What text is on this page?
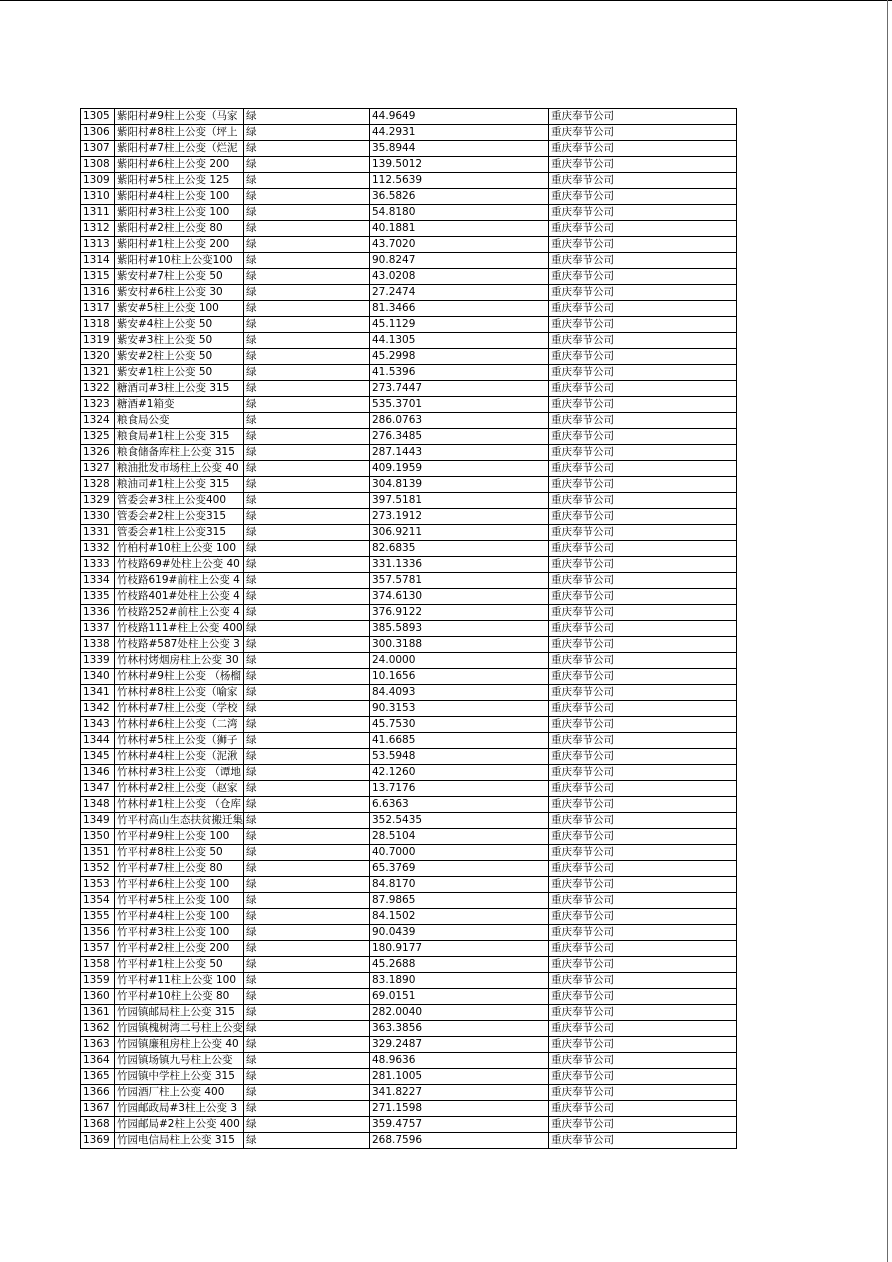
1305	紫阳村#9柱上公变（马家	绿	44.9649	重庆奉节公司
1306	紫阳村#8柱上公变（坪上	绿	44.2931	重庆奉节公司
1307	紫阳村#7柱上公变（烂泥	绿	35.8944	重庆奉节公司
1308	紫阳村#6柱上公变 200	绿	139.5012	重庆奉节公司
1309	紫阳村#5柱上公变 125	绿	112.5639	重庆奉节公司
1310	紫阳村#4柱上公变 100	绿	36.5826	重庆奉节公司
1311	紫阳村#3柱上公变 100	绿	54.8180	重庆奉节公司
1312	紫阳村#2柱上公变 80	绿	40.1881	重庆奉节公司
1313	紫阳村#1柱上公变 200	绿	43.7020	重庆奉节公司
1314	紫阳村#10柱上公变100	绿	90.8247	重庆奉节公司
1315	紫安村#7柱上公变 50	绿	43.0208	重庆奉节公司
1316	紫安村#6柱上公变 30	绿	27.2474	重庆奉节公司
1317	紫安#5柱上公变 100	绿	81.3466	重庆奉节公司
1318	紫安#4柱上公变 50	绿	45.1129	重庆奉节公司
1319	紫安#3柱上公变 50	绿	44.1305	重庆奉节公司
1320	紫安#2柱上公变 50	绿	45.2998	重庆奉节公司
1321	紫安#1柱上公变 50	绿	41.5396	重庆奉节公司
1322	糖酒司#3柱上公变 315	绿	273.7447	重庆奉节公司
1323	糖酒#1箱变	绿	535.3701	重庆奉节公司
1324	粮食局公变	绿	286.0763	重庆奉节公司
1325	粮食局#1柱上公变 315	绿	276.3485	重庆奉节公司
1326	粮食储备库柱上公变 315	绿	287.1443	重庆奉节公司
1327	粮油批发市场柱上公变 40	绿	409.1959	重庆奉节公司
1328	粮油司#1柱上公变 315	绿	304.8139	重庆奉节公司
1329	管委会#3柱上公变400	绿	397.5181	重庆奉节公司
1330	管委会#2柱上公变315	绿	273.1912	重庆奉节公司
1331	管委会#1柱上公变315	绿	306.9211	重庆奉节公司
1332	竹柏村#10柱上公变 100	绿	82.6835	重庆奉节公司
1333	竹枝路69#处柱上公变 40	绿	331.1336	重庆奉节公司
1334	竹枝路619#前柱上公变 4	绿	357.5781	重庆奉节公司
1335	竹枝路401#处柱上公变 4	绿	374.6130	重庆奉节公司
1336	竹枝路252#前柱上公变 4	绿	376.9122	重庆奉节公司
1337	竹枝路111#柱上公变 400	绿	385.5893	重庆奉节公司
1338	竹枝路#587处柱上公变 3	绿	300.3188	重庆奉节公司
1339	竹林村烤烟房柱上公变 30	绿	24.0000	重庆奉节公司
1340	竹林村#9柱上公变 （杨榴	绿	10.1656	重庆奉节公司
1341	竹林村#8柱上公变（喻家	绿	84.4093	重庆奉节公司
1342	竹林村#7柱上公变（学校	绿	90.3153	重庆奉节公司
1343	竹林村#6柱上公变（二湾	绿	45.7530	重庆奉节公司
1344	竹林村#5柱上公变（狮子	绿	41.6685	重庆奉节公司
1345	竹林村#4柱上公变（泥湫	绿	53.5948	重庆奉节公司
1346	竹林村#3柱上公变 （谭地	绿	42.1260	重庆奉节公司
1347	竹林村#2柱上公变（赵家	绿	13.7176	重庆奉节公司
1348	竹林村#1柱上公变 （仓库	绿	6.6363	重庆奉节公司
1349	竹平村高山生态扶贫搬迁集	绿	352.5435	重庆奉节公司
1350	竹平村#9柱上公变 100	绿	28.5104	重庆奉节公司
1351	竹平村#8柱上公变 50	绿	40.7000	重庆奉节公司
1352	竹平村#7柱上公变 80	绿	65.3769	重庆奉节公司
1353	竹平村#6柱上公变 100	绿	84.8170	重庆奉节公司
1354	竹平村#5柱上公变 100	绿	87.9865	重庆奉节公司
1355	竹平村#4柱上公变 100	绿	84.1502	重庆奉节公司
1356	竹平村#3柱上公变 100	绿	90.0439	重庆奉节公司
1357	竹平村#2柱上公变 200	绿	180.9177	重庆奉节公司
1358	竹平村#1柱上公变 50	绿	45.2688	重庆奉节公司
1359	竹平村#11柱上公变 100	绿	83.1890	重庆奉节公司
1360	竹平村#10柱上公变 80	绿	69.0151	重庆奉节公司
1361	竹园镇邮局柱上公变 315	绿	282.0040	重庆奉节公司
1362	竹园镇槐树湾二号柱上公变	绿	363.3856	重庆奉节公司
1363	竹园镇廉租房柱上公变 40	绿	329.2487	重庆奉节公司
1364	竹园镇场镇九号柱上公变	绿	48.9636	重庆奉节公司
1365	竹园镇中学柱上公变 315	绿	281.1005	重庆奉节公司
1366	竹园酒厂柱上公变 400	绿	341.8227	重庆奉节公司
1367	竹园邮政局#3柱上公变 3	绿	271.1598	重庆奉节公司
1368	竹园邮局#2柱上公变 400	绿	359.4757	重庆奉节公司
1369	竹园电信局柱上公变 315	绿	268.7596	重庆奉节公司
